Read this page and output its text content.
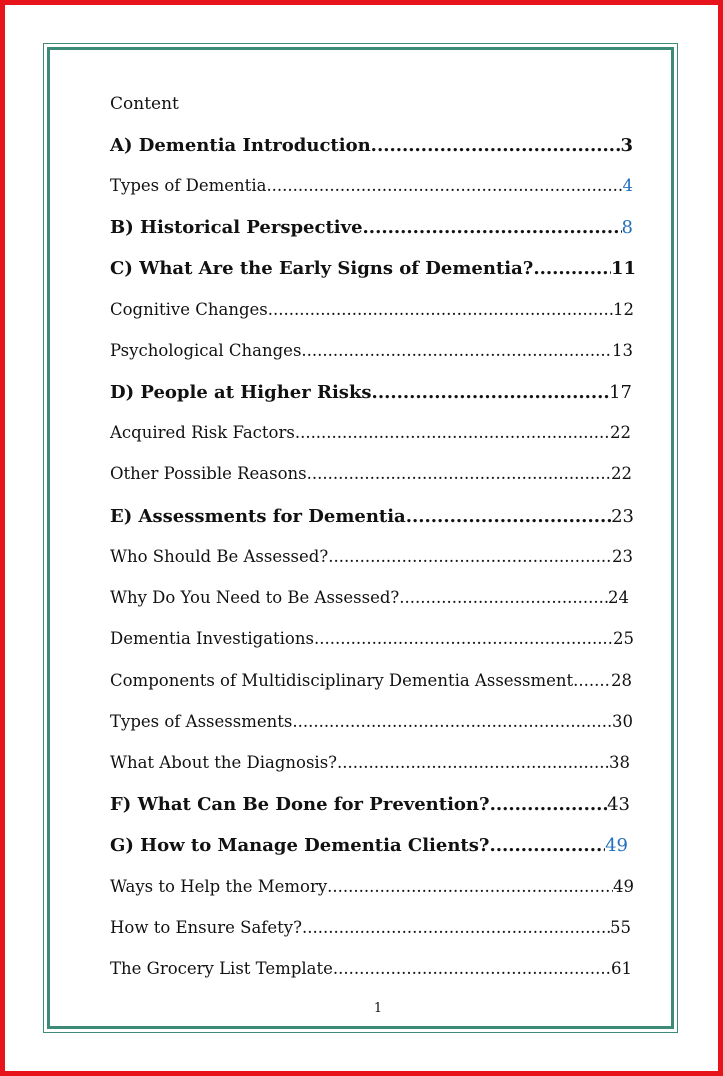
Content
A) Dementia Introduction .....	3
Types of Dementia .....	4
B) Historical Perspective .....	8
C) What Are the Early Signs of Dementia? .....	11
Cognitive Changes .....	12
Psychological Changes .....	13
D) People at Higher Risks .....	17
Acquired Risk Factors .....	22
Other Possible Reasons .....	22
E) Assessments for Dementia .....	23
Who Should Be Assessed? .....	23
Why Do You Need to Be Assessed? .....	24
Dementia Investigations .....	25
Components of Multidisciplinary Dementia Assessment ..... 28
Types of Assessments .....	30
What About the Diagnosis? .....	38
F) What Can Be Done for Prevention? .....	43
G) How to Manage Dementia Clients? .....	49
Ways to Help the Memory .....	49
How to Ensure Safety? .....	55
The Grocery List Template .....	61
1
